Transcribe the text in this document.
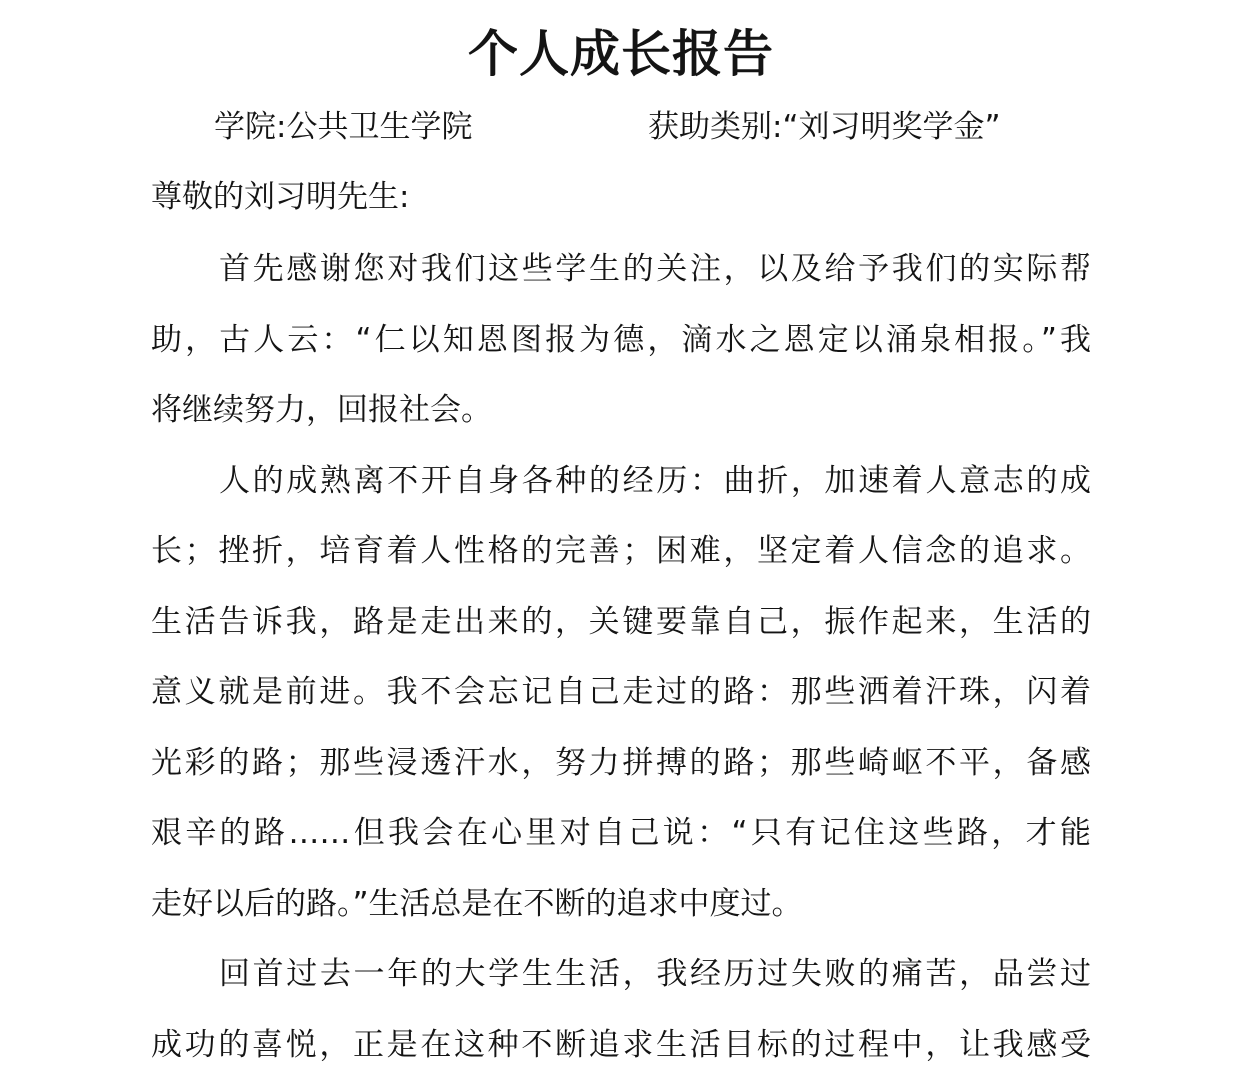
个人成长报告
学院:公共卫生学院	获助类别:“刘习明奖学金”
尊敬的刘习明先生:
首先感谢您对我们这些学生的关注，以及给予我们的实际帮
助，古人云：“仁以知恩图报为德，滴水之恩定以涌泉相报。”我
将继续努力，回报社会。
人的成熟离不开自身各种的经历：曲折，加速着人意志的成
长；挫折，培育着人性格的完善；困难，坚定着人信念的追求。
生活告诉我，路是走出来的，关键要靠自己，振作起来，生活的
意义就是前进。我不会忘记自己走过的路：那些洒着汗珠，闪着
光彩的路；那些浸透汗水，努力拼搏的路；那些崎岖不平，备感
艰辛的路……但我会在心里对自己说：“只有记住这些路，才能
走好以后的路。”生活总是在不断的追求中度过。
回首过去一年的大学生生活，我经历过失败的痛苦，品尝过
成功的喜悦，正是在这种不断追求生活目标的过程中，让我感受
